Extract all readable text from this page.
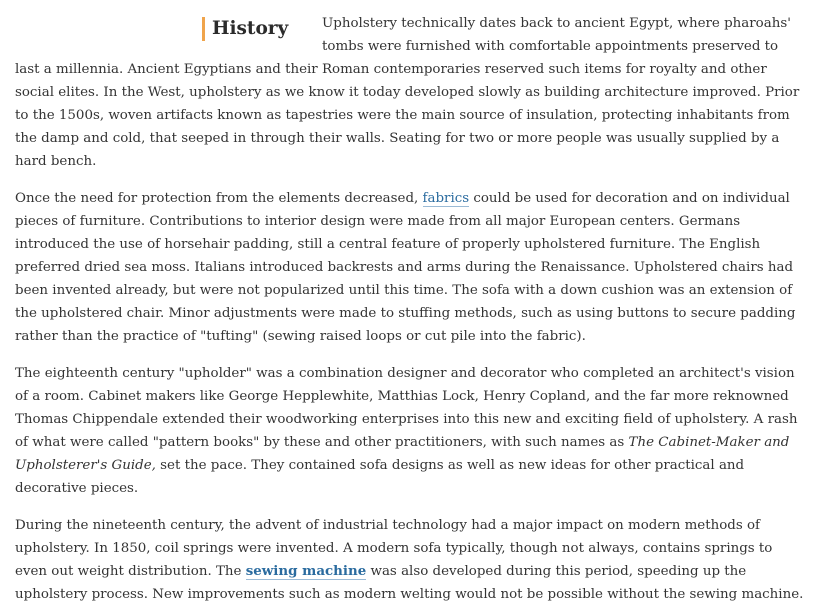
History	Upholstery technically dates back to ancient Egypt, where pharoahs' tombs were furnished with comfortable appointments preserved to last a millennia. Ancient Egyptians and their Roman contemporaries reserved such items for royalty and other social elites. In the West, upholstery as we know it today developed slowly as building architecture improved. Prior to the 1500s, woven artifacts known as tapestries were the main source of insulation, protecting inhabitants from the damp and cold, that seeped in through their walls. Seating for two or more people was usually supplied by a hard bench.

Once the need for protection from the elements decreased, fabrics could be used for decoration and on individual pieces of furniture. Contributions to interior design were made from all major European centers. Germans introduced the use of horsehair padding, still a central feature of properly upholstered furniture. The English preferred dried sea moss. Italians introduced backrests and arms during the Renaissance. Upholstered chairs had been invented already, but were not popularized until this time. The sofa with a down cushion was an extension of the upholstered chair. Minor adjustments were made to stuffing methods, such as using buttons to secure padding rather than the practice of "tufting" (sewing raised loops or cut pile into the fabric).

The eighteenth century "upholder" was a combination designer and decorator who completed an architect's vision of a room. Cabinet makers like George Hepplewhite, Matthias Lock, Henry Copland, and the far more reknowned Thomas Chippendale extended their woodworking enterprises into this new and exciting field of upholstery. A rash of what were called "pattern books" by these and other practitioners, with such names as The Cabinet-Maker and Upholsterer's Guide, set the pace. They contained sofa designs as well as new ideas for other practical and decorative pieces.

During the nineteenth century, the advent of industrial technology had a major impact on modern methods of upholstery. In 1850, coil springs were invented. A modern sofa typically, though not always, contains springs to even out weight distribution. The sewing machine was also developed during this period, speeding up the upholstery process. New improvements such as modern welting would not be possible without the sewing machine.
